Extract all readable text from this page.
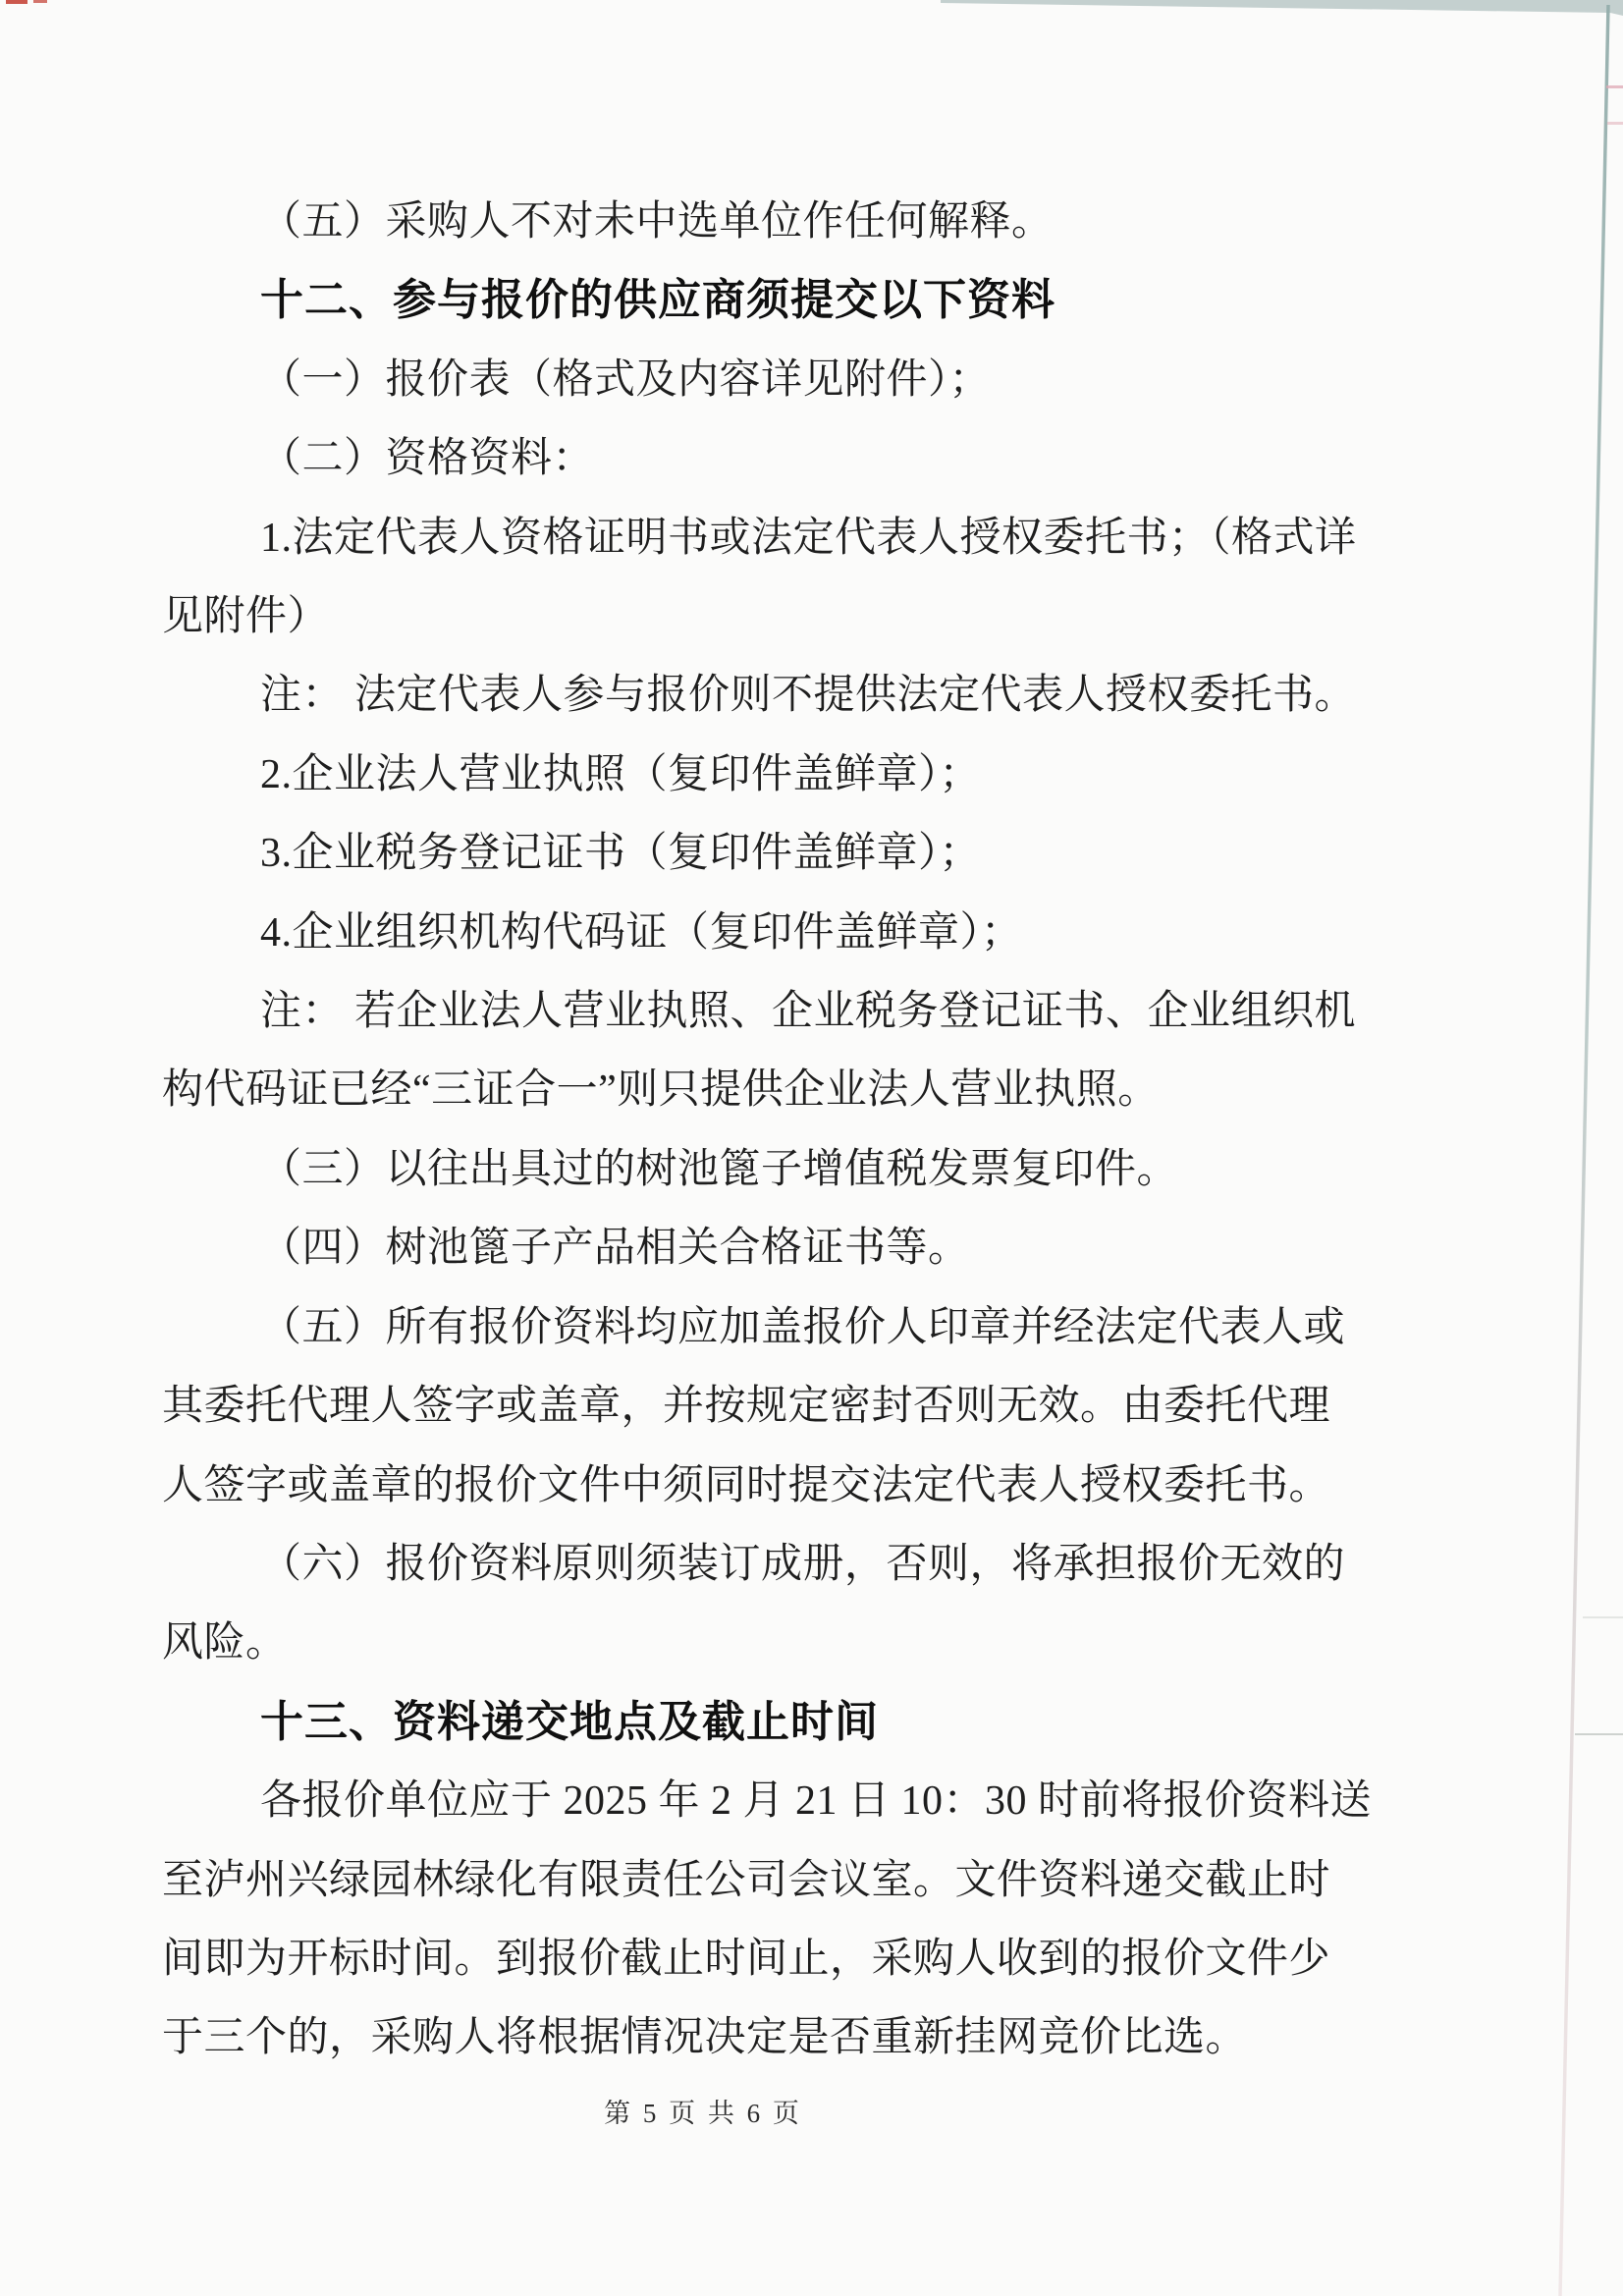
（五）采购人不对未中选单位作任何解释。
十二、参与报价的供应商须提交以下资料
（一）报价表（格式及内容详见附件）；
（二）资格资料：
1.法定代表人资格证明书或法定代表人授权委托书；（格式详
见附件）
注： 法定代表人参与报价则不提供法定代表人授权委托书。
2.企业法人营业执照（复印件盖鲜章）；
3.企业税务登记证书（复印件盖鲜章）；
4.企业组织机构代码证（复印件盖鲜章）；
注： 若企业法人营业执照、企业税务登记证书、企业组织机
构代码证已经“三证合一”则只提供企业法人营业执照。
（三）以往出具过的树池篦子增值税发票复印件。
（四）树池篦子产品相关合格证书等。
（五）所有报价资料均应加盖报价人印章并经法定代表人或
其委托代理人签字或盖章，并按规定密封否则无效。由委托代理
人签字或盖章的报价文件中须同时提交法定代表人授权委托书。
（六）报价资料原则须装订成册，否则，将承担报价无效的
风险。
十三、资料递交地点及截止时间
各报价单位应于 2025 年 2 月 21 日 10：30 时前将报价资料送
至泸州兴绿园林绿化有限责任公司会议室。文件资料递交截止时
间即为开标时间。到报价截止时间止，采购人收到的报价文件少
于三个的，采购人将根据情况决定是否重新挂网竞价比选。
第 5 页 共 6 页
